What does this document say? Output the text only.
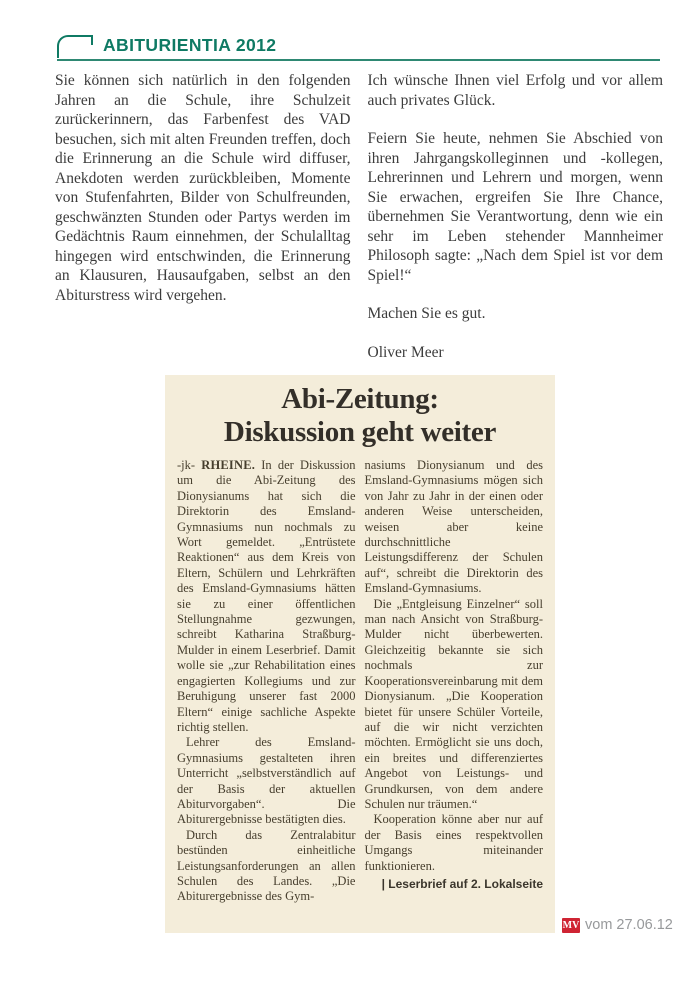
ABITURIENTIA 2012

Sie können sich natürlich in den folgenden Jahren an die Schule, ihre Schulzeit zurückerinnern, das Farbenfest des VAD besuchen, sich mit alten Freunden treffen, doch die Erinnerung an die Schule wird diffuser, Anekdoten werden zurückbleiben, Momente von Stufenfahrten, Bilder von Schulfreunden, geschwänzten Stunden oder Partys werden im Gedächtnis Raum einnehmen, der Schulalltag hingegen wird entschwinden, die Erinnerung an Klausuren, Hausaufgaben, selbst an den Abiturstress wird vergehen.

Ich wünsche Ihnen viel Erfolg und vor allem auch privates Glück.

Feiern Sie heute, nehmen Sie Abschied von ihren Jahrgangskolleginnen und -kollegen, Lehrerinnen und Lehrern und morgen, wenn Sie erwachen, ergreifen Sie Ihre Chance, übernehmen Sie Verantwortung, denn wie ein sehr im Leben stehender Mannheimer Philosoph sagte: „Nach dem Spiel ist vor dem Spiel!“

Machen Sie es gut.

Oliver Meer

Abi-Zeitung:
Diskussion geht weiter

-jk- RHEINE. In der Diskussion um die Abi-Zeitung des Dionysianums hat sich die Direktorin des Emsland-Gymnasiums nun nochmals zu Wort gemeldet. „Entrüstete Reaktionen“ aus dem Kreis von Eltern, Schülern und Lehrkräften des Emsland-Gymnasiums hätten sie zu einer öffentlichen Stellungnahme gezwungen, schreibt Katharina Straßburg-Mulder in einem Leserbrief. Damit wolle sie „zur Rehabilitation eines engagierten Kollegiums und zur Beruhigung unserer fast 2000 Eltern“ einige sachliche Aspekte richtig stellen.

Lehrer des Emsland-Gymnasiums gestalteten ihren Unterricht „selbstverständlich auf der Basis der aktuellen Abiturvorgaben“. Die Abiturergebnisse bestätigten dies.

Durch das Zentralabitur bestünden einheitliche Leistungsanforderungen an allen Schulen des Landes. „Die Abiturergebnisse des Gym-

nasiums Dionysianum und des Emsland-Gymnasiums mögen sich von Jahr zu Jahr in der einen oder anderen Weise unterscheiden, weisen aber keine durchschnittliche Leistungsdifferenz der Schulen auf“, schreibt die Direktorin des Emsland-Gymnasiums.

Die „Entgleisung Einzelner“ soll man nach Ansicht von Straßburg-Mulder nicht überbewerten. Gleichzeitig bekannte sie sich nochmals zur Kooperationsvereinbarung mit dem Dionysianum. „Die Kooperation bietet für unsere Schüler Vorteile, auf die wir nicht verzichten möchten. Ermöglicht sie uns doch, ein breites und differenziertes Angebot von Leistungs- und Grundkursen, von dem andere Schulen nur träumen.“

Kooperation könne aber nur auf der Basis eines respektvollen Umgangs miteinander funktionieren.

| Leserbrief auf 2. Lokalseite
MV vom 27.06.12
